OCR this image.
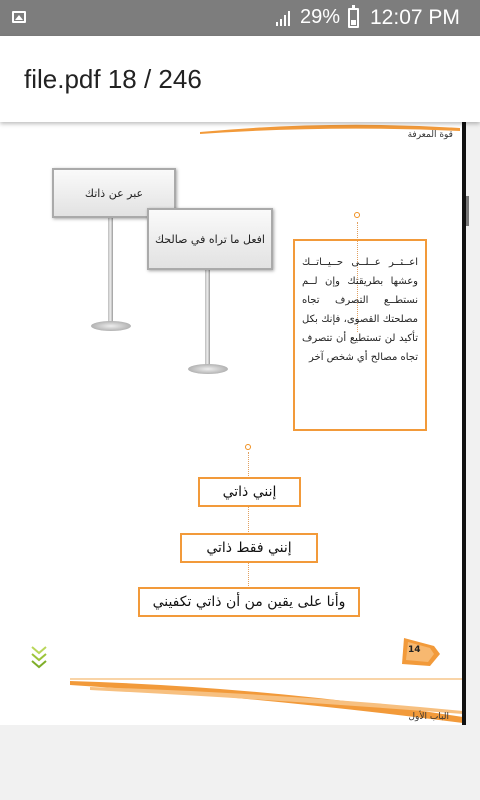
29% 12:07 PM
file.pdf 18 / 246
قوة المعرفة
عبر عن ذاتك
افعل ما تراه في صالحك
اعــثــر عــلــى حــيــاتــك وعشها بطريقتك وإن لــم نستطــع التصرف تجاه مصلحتك القصوى، فإنك بكل تأكيد لن تستطيع أن تتصرف تجاه مصالح أي شخص آخر
إنني ذاتي
إنني فقط ذاتي
وأنا على يقين من أن ذاتي تكفيني
14
الباب الأول
